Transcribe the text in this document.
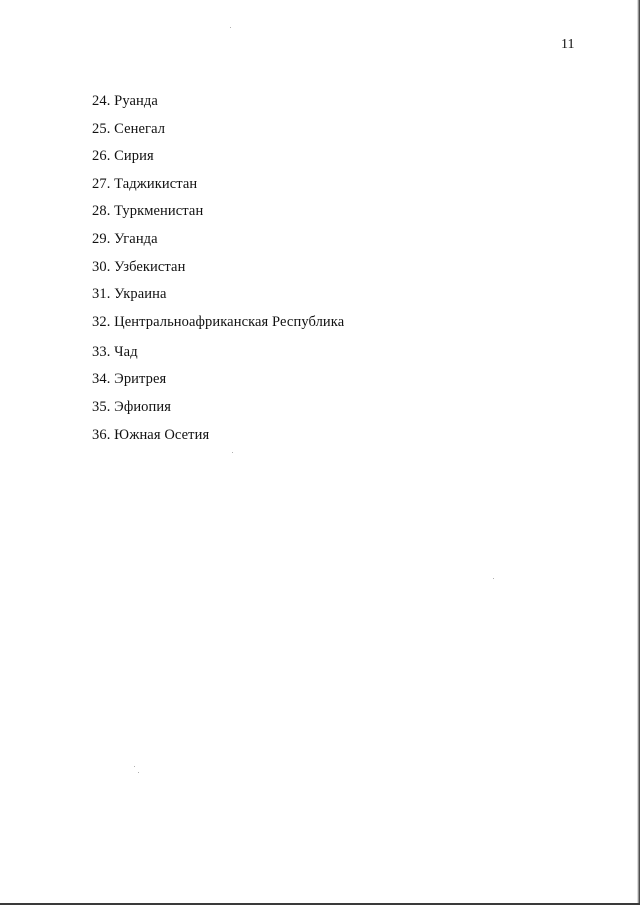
11
24. Руанда
25. Сенегал
26. Сирия
27. Таджикистан
28. Туркменистан
29. Уганда
30. Узбекистан
31. Украина
32. Центральноафриканская Республика
33. Чад
34. Эритрея
35. Эфиопия
36. Южная Осетия
